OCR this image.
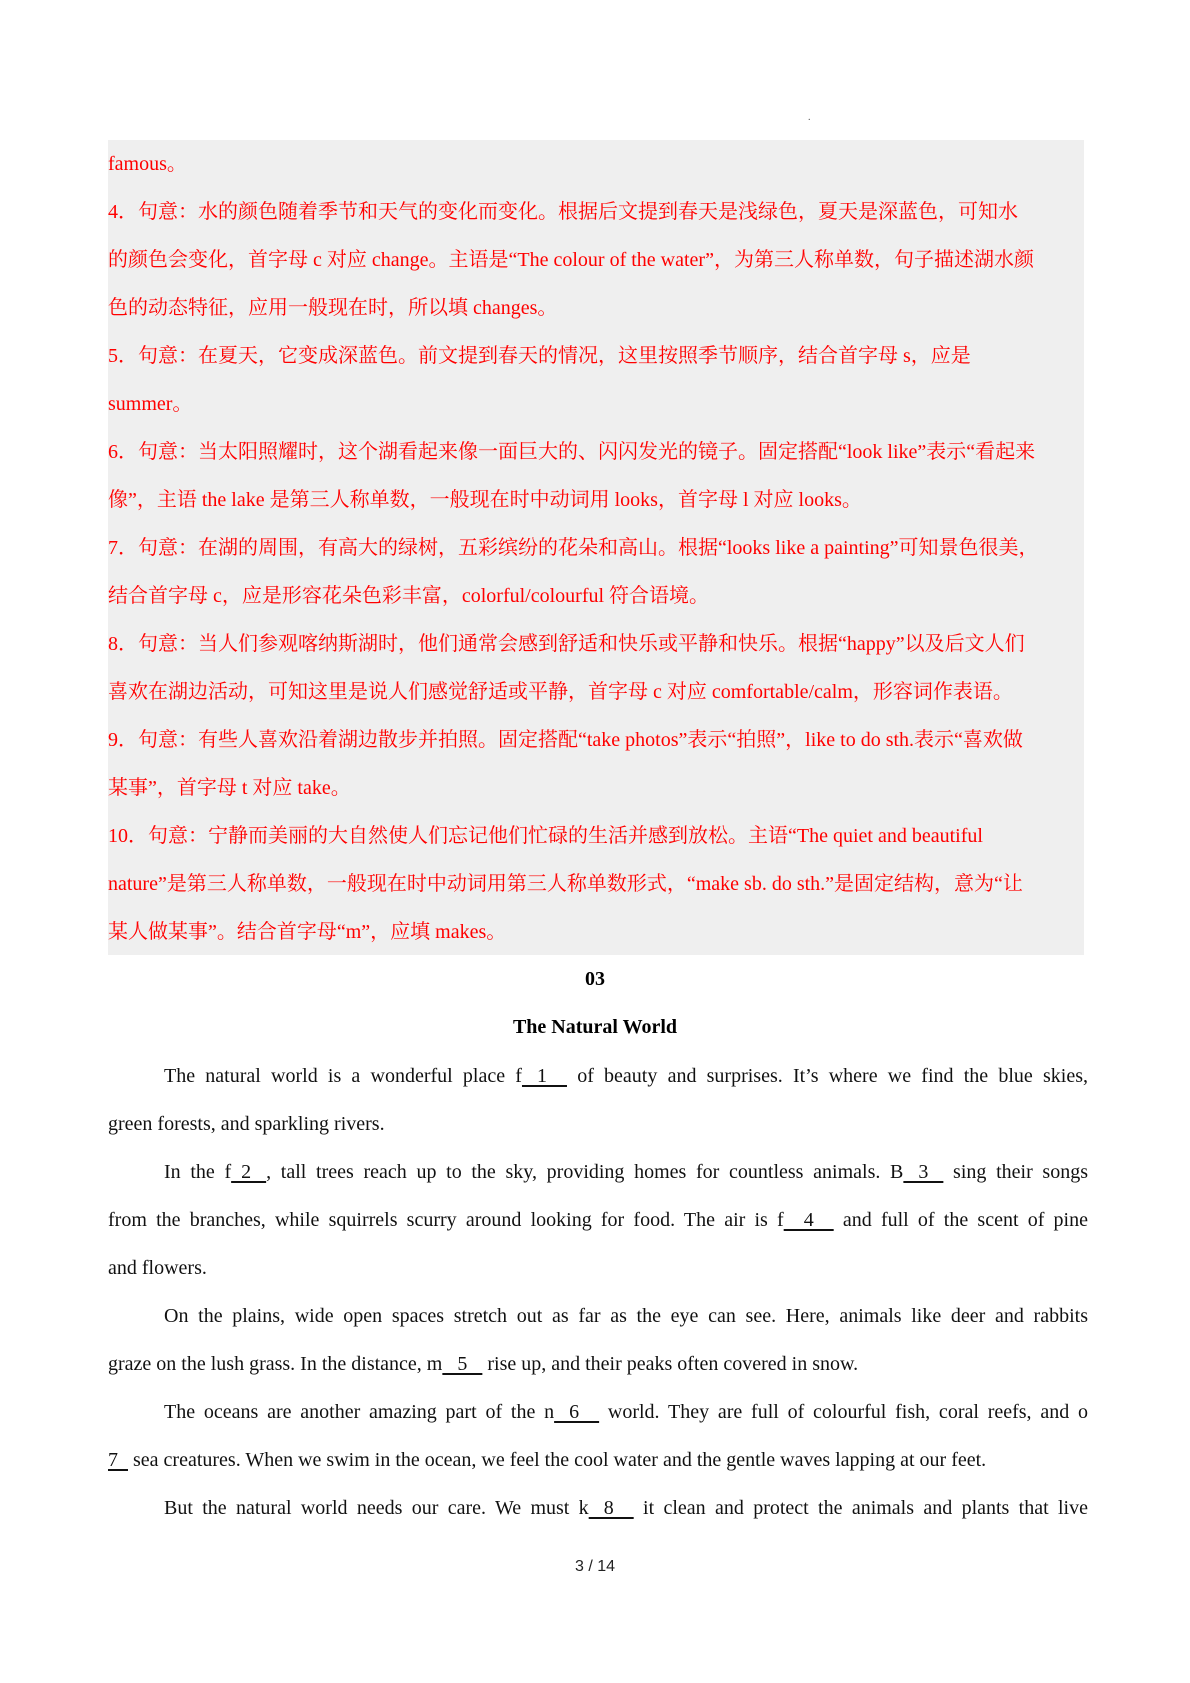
.
famous。
4．句意：水的颜色随着季节和天气的变化而变化。根据后文提到春天是浅绿色，夏天是深蓝色，可知水
的颜色会变化，首字母 c 对应 change。主语是“The colour of the water”，为第三人称单数，句子描述湖水颜
色的动态特征，应用一般现在时，所以填 changes。
5．句意：在夏天，它变成深蓝色。前文提到春天的情况，这里按照季节顺序，结合首字母 s，应是
summer。
6．句意：当太阳照耀时，这个湖看起来像一面巨大的、闪闪发光的镜子。固定搭配“look like”表示“看起来
像”，主语 the lake 是第三人称单数，一般现在时中动词用 looks，首字母 l 对应 looks。
7．句意：在湖的周围，有高大的绿树，五彩缤纷的花朵和高山。根据“looks like a painting”可知景色很美，
结合首字母 c，应是形容花朵色彩丰富，colorful/colourful 符合语境。
8．句意：当人们参观喀纳斯湖时，他们通常会感到舒适和快乐或平静和快乐。根据“happy”以及后文人们
喜欢在湖边活动，可知这里是说人们感觉舒适或平静，首字母 c 对应 comfortable/calm，形容词作表语。
9．句意：有些人喜欢沿着湖边散步并拍照。固定搭配“take photos”表示“拍照”，like to do sth.表示“喜欢做
某事”，首字母 t 对应 take。
10．句意：宁静而美丽的大自然使人们忘记他们忙碌的生活并感到放松。主语“The quiet and beautiful
nature”是第三人称单数，一般现在时中动词用第三人称单数形式，“make sb. do sth.”是固定结构，意为“让
某人做某事”。结合首字母“m”，应填 makes。
03
The Natural World
The natural world is a wonderful place f   1     of beauty and surprises. It’s where we find the blue skies,
green forests, and sparkling rivers.
In the f  2   , tall trees reach up to the sky, providing homes for countless animals. B   3    sing their songs
from the branches, while squirrels scurry around looking for food. The air is f    4     and full of the scent of pine
and flowers.
On the plains, wide open spaces stretch out as far as the eye can see. Here, animals like deer and rabbits
graze on the lush grass. In the distance, m   5    rise up, and their peaks often covered in snow.
The oceans are another amazing part of the n   6     world. They are full of colourful fish, coral reefs, and o
7   sea creatures. When we swim in the ocean, we feel the cool water and the gentle waves lapping at our feet.
But the natural world needs our care. We must k   8     it clean and protect the animals and plants that live
3 / 14
